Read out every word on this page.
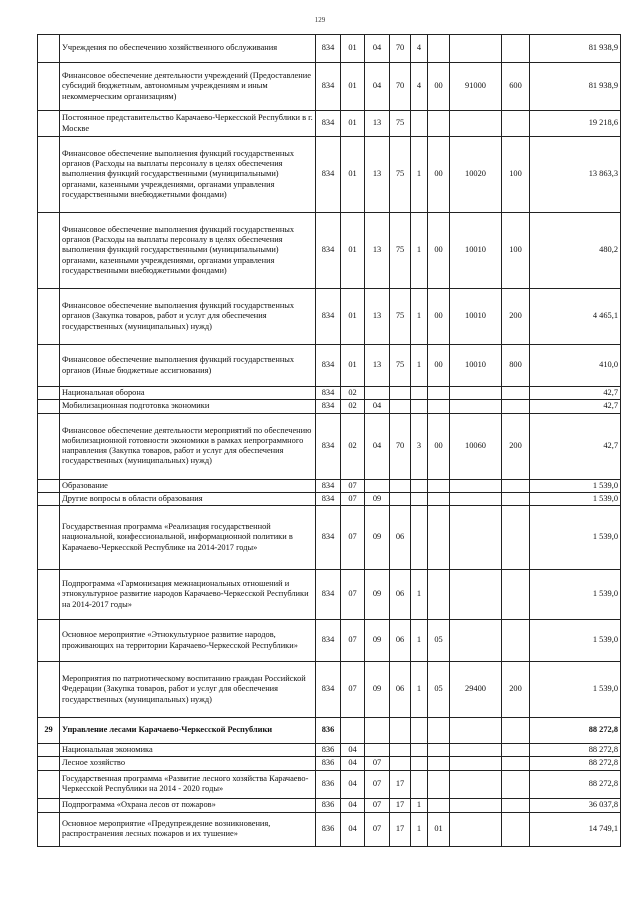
129
	Учреждения по обеспечению хозяйственного обслуживания	834	01	04	70	4				81 938,9
	Финансовое обеспечение деятельности учреждений (Предоставление субсидий бюджетным, автономным учреждениям и иным некоммерческим организациям)	834	01	04	70	4	00	91000	600	81 938,9
	Постоянное представительство Карачаево-Черкесской Республики в г. Москве	834	01	13	75					19 218,6
	Финансовое обеспечение выполнения функций государственных органов (Расходы на выплаты персоналу в целях обеспечения выполнения функций государственными (муниципальными) органами, казенными учреждениями, органами управления государственными внебюджетными фондами)	834	01	13	75	1	00	10020	100	13 863,3
	Финансовое обеспечение выполнения функций государственных органов (Расходы на выплаты персоналу в целях обеспечения выполнения функций государственными (муниципальными) органами, казенными учреждениями, органами управления государственными внебюджетными фондами)	834	01	13	75	1	00	10010	100	480,2
	Финансовое обеспечение выполнения функций государственных органов (Закупка товаров, работ и услуг для обеспечения государственных (муниципальных) нужд)	834	01	13	75	1	00	10010	200	4 465,1
	Финансовое обеспечение выполнения функций государственных органов (Иные бюджетные ассигнования)	834	01	13	75	1	00	10010	800	410,0
	Национальная оборона	834	02							42,7
	Мобилизационная подготовка экономики	834	02	04						42,7
	Финансовое обеспечение деятельности мероприятий по обеспечению мобилизационной готовности экономики в рамках непрограммного направления (Закупка товаров, работ и услуг для обеспечения государственных (муниципальных) нужд)	834	02	04	70	3	00	10060	200	42,7
	Образование	834	07							1 539,0
	Другие вопросы в области образования	834	07	09						1 539,0
	Государственная программа «Реализация государственной национальной, конфессиональной, информационной политики в Карачаево-Черкесской Республике на 2014-2017 годы»	834	07	09	06					1 539,0
	Подпрограмма «Гармонизация межнациональных отношений и этнокультурное развитие народов Карачаево-Черкесской Республики на 2014-2017 годы»	834	07	09	06	1				1 539,0
	Основное мероприятие «Этнокультурное развитие народов, проживающих на территории Карачаево-Черкесской Республики»	834	07	09	06	1	05			1 539,0
	Мероприятия по патриотическому воспитанию граждан Российской Федерации (Закупка товаров, работ и услуг для обеспечения государственных (муниципальных) нужд)	834	07	09	06	1	05	29400	200	1 539,0
29	Управление лесами Карачаево-Черкесской Республики	836								88 272,8
	Национальная экономика	836	04							88 272,8
	Лесное хозяйство	836	04	07						88 272,8
	Государственная программа «Развитие лесного хозяйства Карачаево-Черкесской Республики на 2014 - 2020 годы»	836	04	07	17					88 272,8
	Подпрограмма «Охрана лесов от пожаров»	836	04	07	17	1				36 037,8
	Основное мероприятие «Предупреждение возникновения, распространения лесных пожаров и их тушение»	836	04	07	17	1	01			14 749,1
